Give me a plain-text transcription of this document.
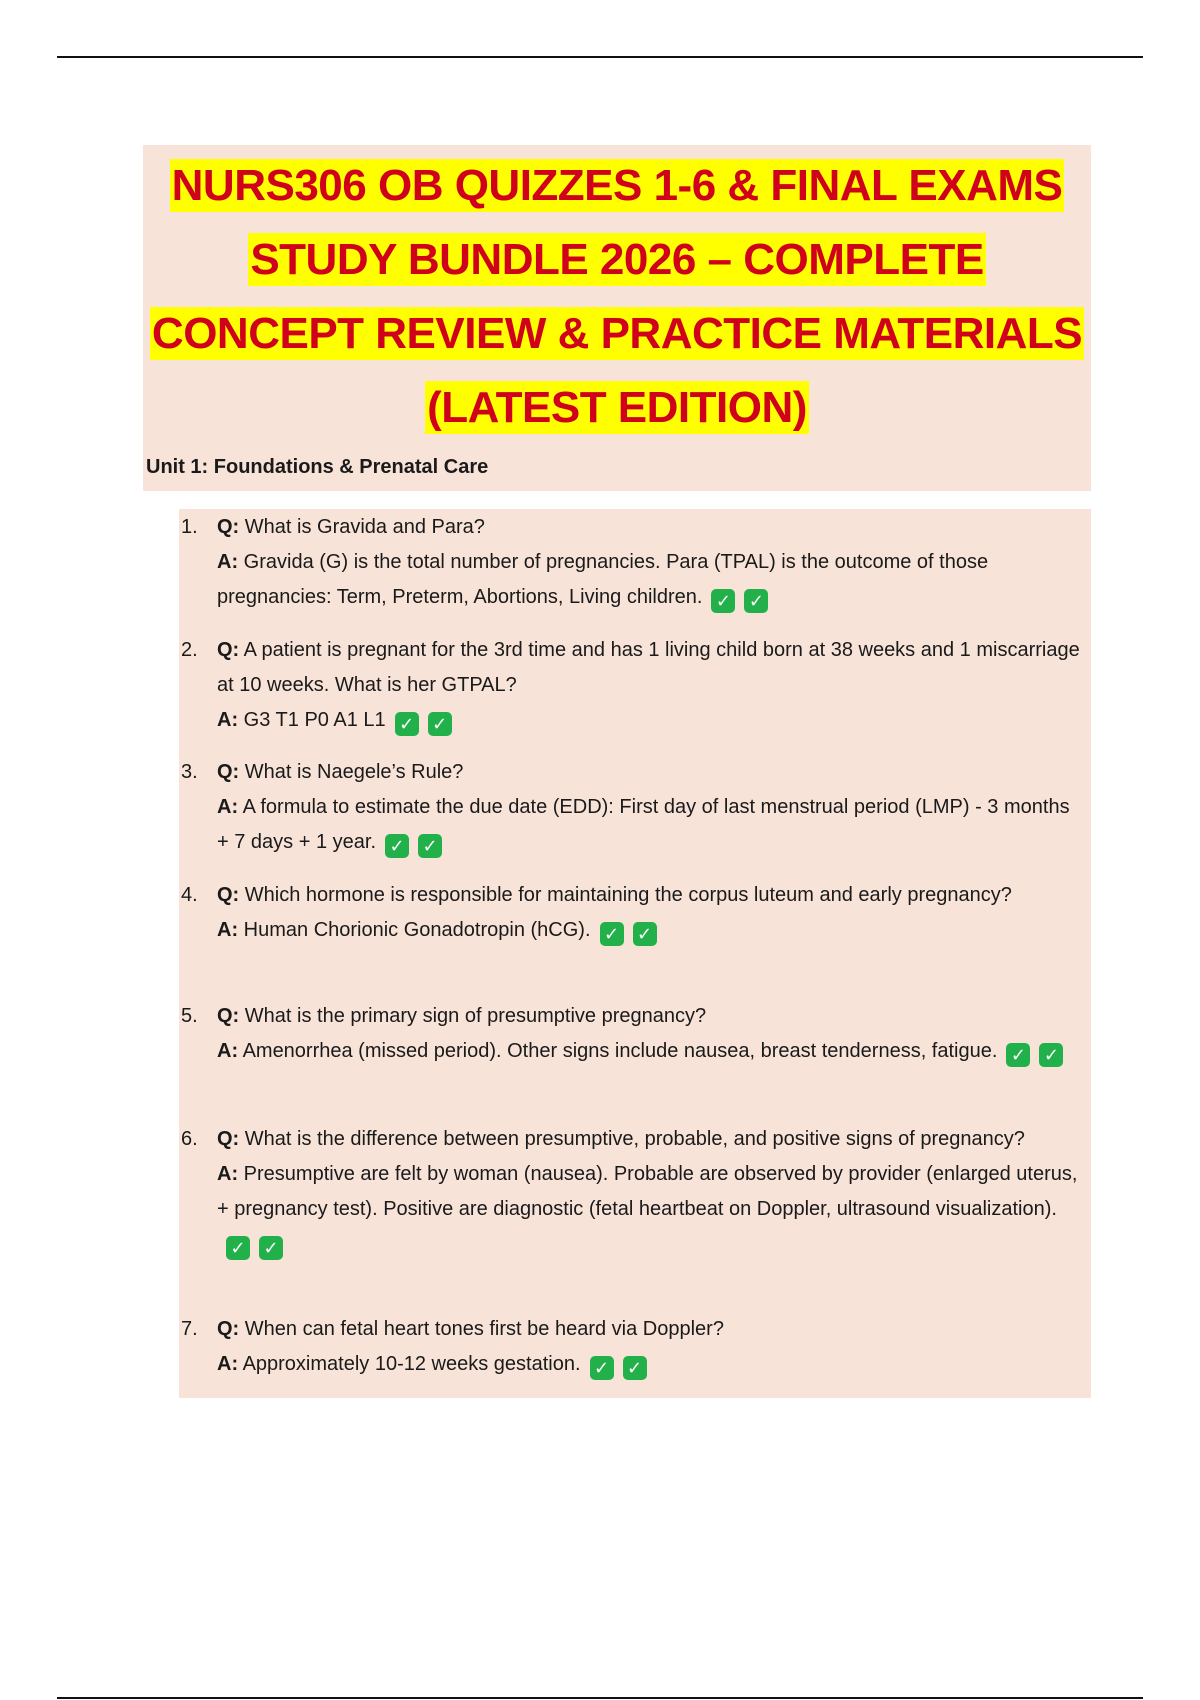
NURS306 OB QUIZZES 1-6 & FINAL EXAMS
STUDY BUNDLE 2026 – COMPLETE
CONCEPT REVIEW & PRACTICE MATERIALS
(LATEST EDITION)
Unit 1: Foundations & Prenatal Care
1. Q: What is Gravida and Para?

A: Gravida (G) is the total number of pregnancies. Para (TPAL) is the outcome of those pregnancies: Term, Preterm, Abortions, Living children. ✓ ✓

2. Q: A patient is pregnant for the 3rd time and has 1 living child born at 38 weeks and 1 miscarriage at 10 weeks. What is her GTPAL?

A: G3 T1 P0 A1 L1 ✓ ✓

3. Q: What is Naegele’s Rule?

A: A formula to estimate the due date (EDD): First day of last menstrual period (LMP) - 3 months + 7 days + 1 year. ✓ ✓

4. Q: Which hormone is responsible for maintaining the corpus luteum and early pregnancy?

A: Human Chorionic Gonadotropin (hCG). ✓ ✓

5. Q: What is the primary sign of presumptive pregnancy?

A: Amenorrhea (missed period). Other signs include nausea, breast tenderness, fatigue. ✓ ✓

6. Q: What is the difference between presumptive, probable, and positive signs of pregnancy?

A: Presumptive are felt by woman (nausea). Probable are observed by provider (enlarged uterus, + pregnancy test). Positive are diagnostic (fetal heartbeat on Doppler, ultrasound visualization).✓ ✓

7. Q: When can fetal heart tones first be heard via Doppler?

A: Approximately 10-12 weeks gestation. ✓ ✓
